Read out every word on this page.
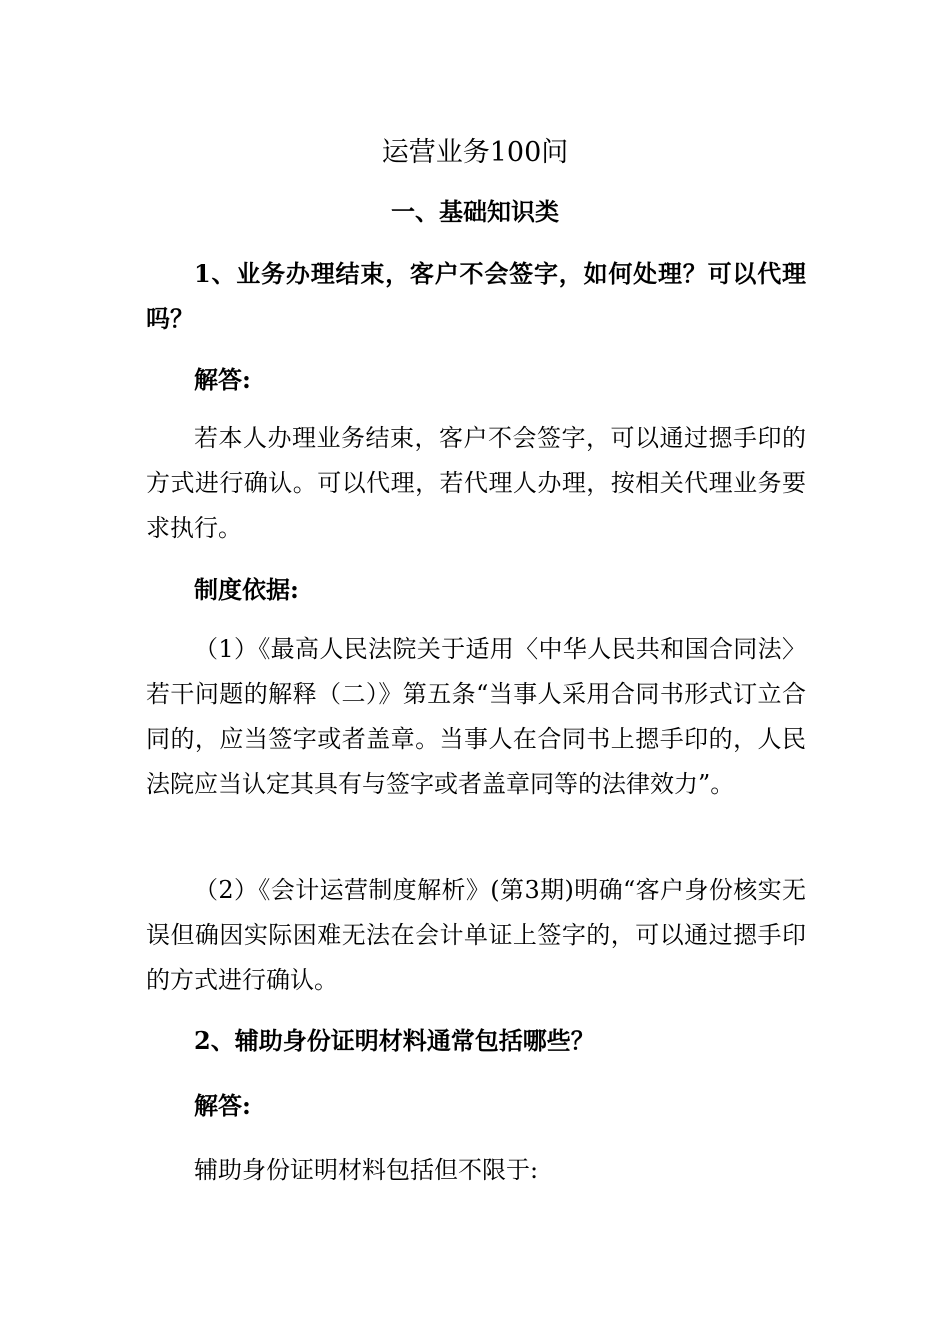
运营业务100问
一、基础知识类

1、业务办理结束，客户不会签字，如何处理？可以代理吗？

解答:

若本人办理业务结束，客户不会签字，可以通过摁手印的方式进行确认。可以代理，若代理人办理，按相关代理业务要求执行。

制度依据:

（1）《最高人民法院关于适用〈中华人民共和国合同法〉若干问题的解释（二）》第五条“当事人采用合同书形式订立合同的，应当签字或者盖章。当事人在合同书上摁手印的，人民法院应当认定其具有与签字或者盖章同等的法律效力”。

（2）《会计运营制度解析》(第3期)明确“客户身份核实无误但确因实际困难无法在会计单证上签字的，可以通过摁手印的方式进行确认。

2、辅助身份证明材料通常包括哪些？

解答:

辅助身份证明材料包括但不限于:
